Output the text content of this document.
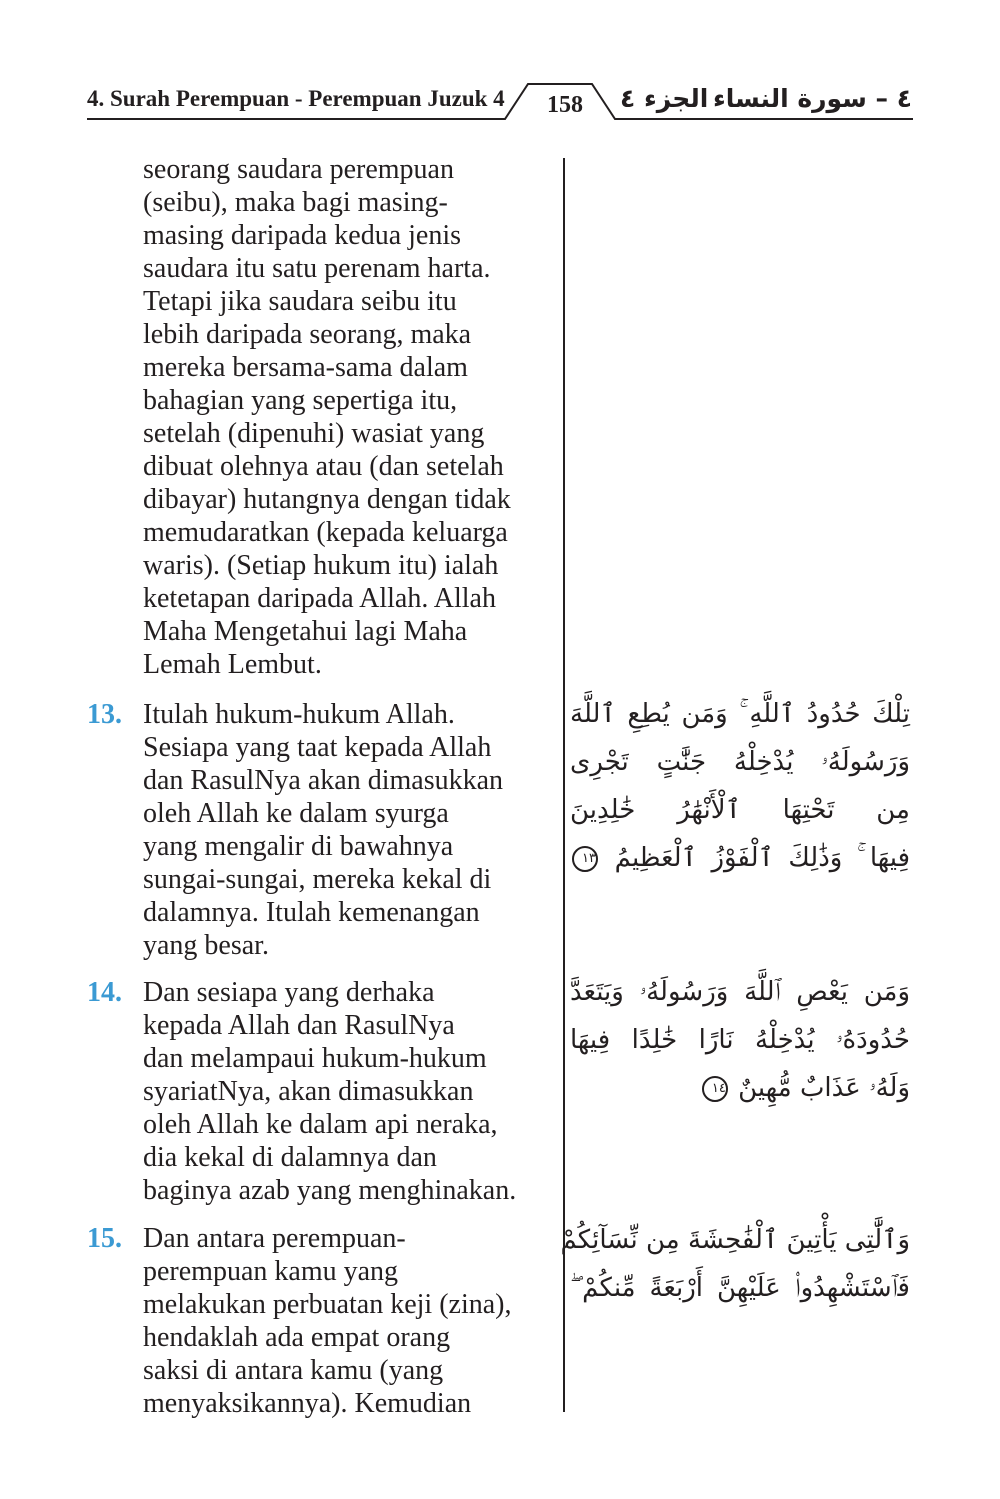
4. Surah Perempuan - Perempuan Juzuk 4	158	الجزء ٤ ٤ – سورة النساء

seorang saudara perempuan

(seibu), maka bagi masing-

masing daripada kedua jenis

saudara itu satu perenam harta.

Tetapi jika saudara seibu itu

lebih daripada seorang, maka

mereka bersama-sama dalam

bahagian yang sepertiga itu,

setelah (dipenuhi) wasiat yang

dibuat olehnya atau (dan setelah

dibayar) hutangnya dengan tidak

memudaratkan (kepada keluarga

waris). (Setiap hukum itu) ialah

ketetapan daripada Allah. Allah

Maha Mengetahui lagi Maha

Lemah Lembut.

13. Itulah hukum-hukum Allah.

Sesiapa yang taat kepada Allah

dan RasulNya akan dimasukkan

oleh Allah ke dalam syurga

yang mengalir di bawahnya

sungai-sungai, mereka kekal di

dalamnya. Itulah kemenangan

yang besar.

تِلْكَ حُدُودُ ٱللَّهِ ۚ وَمَن يُطِعِ ٱللَّهَ
وَرَسُولَهُۥ يُدْخِلْهُ جَنَّٰتٍ تَجْرِى
مِن تَحْتِهَا ٱلْأَنْهَٰرُ خَٰلِدِينَ
فِيهَا ۚ وَذَٰلِكَ ٱلْفَوْزُ ٱلْعَظِيمُ ١٣
14. Dan sesiapa yang derhaka

kepada Allah dan RasulNya

dan melampaui hukum-hukum

syariatNya, akan dimasukkan

oleh Allah ke dalam api neraka,

dia kekal di dalamnya dan

baginya azab yang menghinakan.

وَمَن يَعْصِ ٱللَّهَ وَرَسُولَهُۥ وَيَتَعَدَّ
حُدُودَهُۥ يُدْخِلْهُ نَارًا خَٰلِدًا فِيهَا
وَلَهُۥ عَذَابٌ مُّهِينٌ ١٤
15. Dan antara perempuan-

perempuan kamu yang

melakukan perbuatan keji (zina),

hendaklah ada empat orang

saksi di antara kamu (yang

menyaksikannya). Kemudian

وَٱلَّٰتِى يَأْتِينَ ٱلْفَٰحِشَةَ مِن نِّسَآئِكُمْ
فَٱسْتَشْهِدُوا۟ عَلَيْهِنَّ أَرْبَعَةً مِّنكُمْ ۖ
